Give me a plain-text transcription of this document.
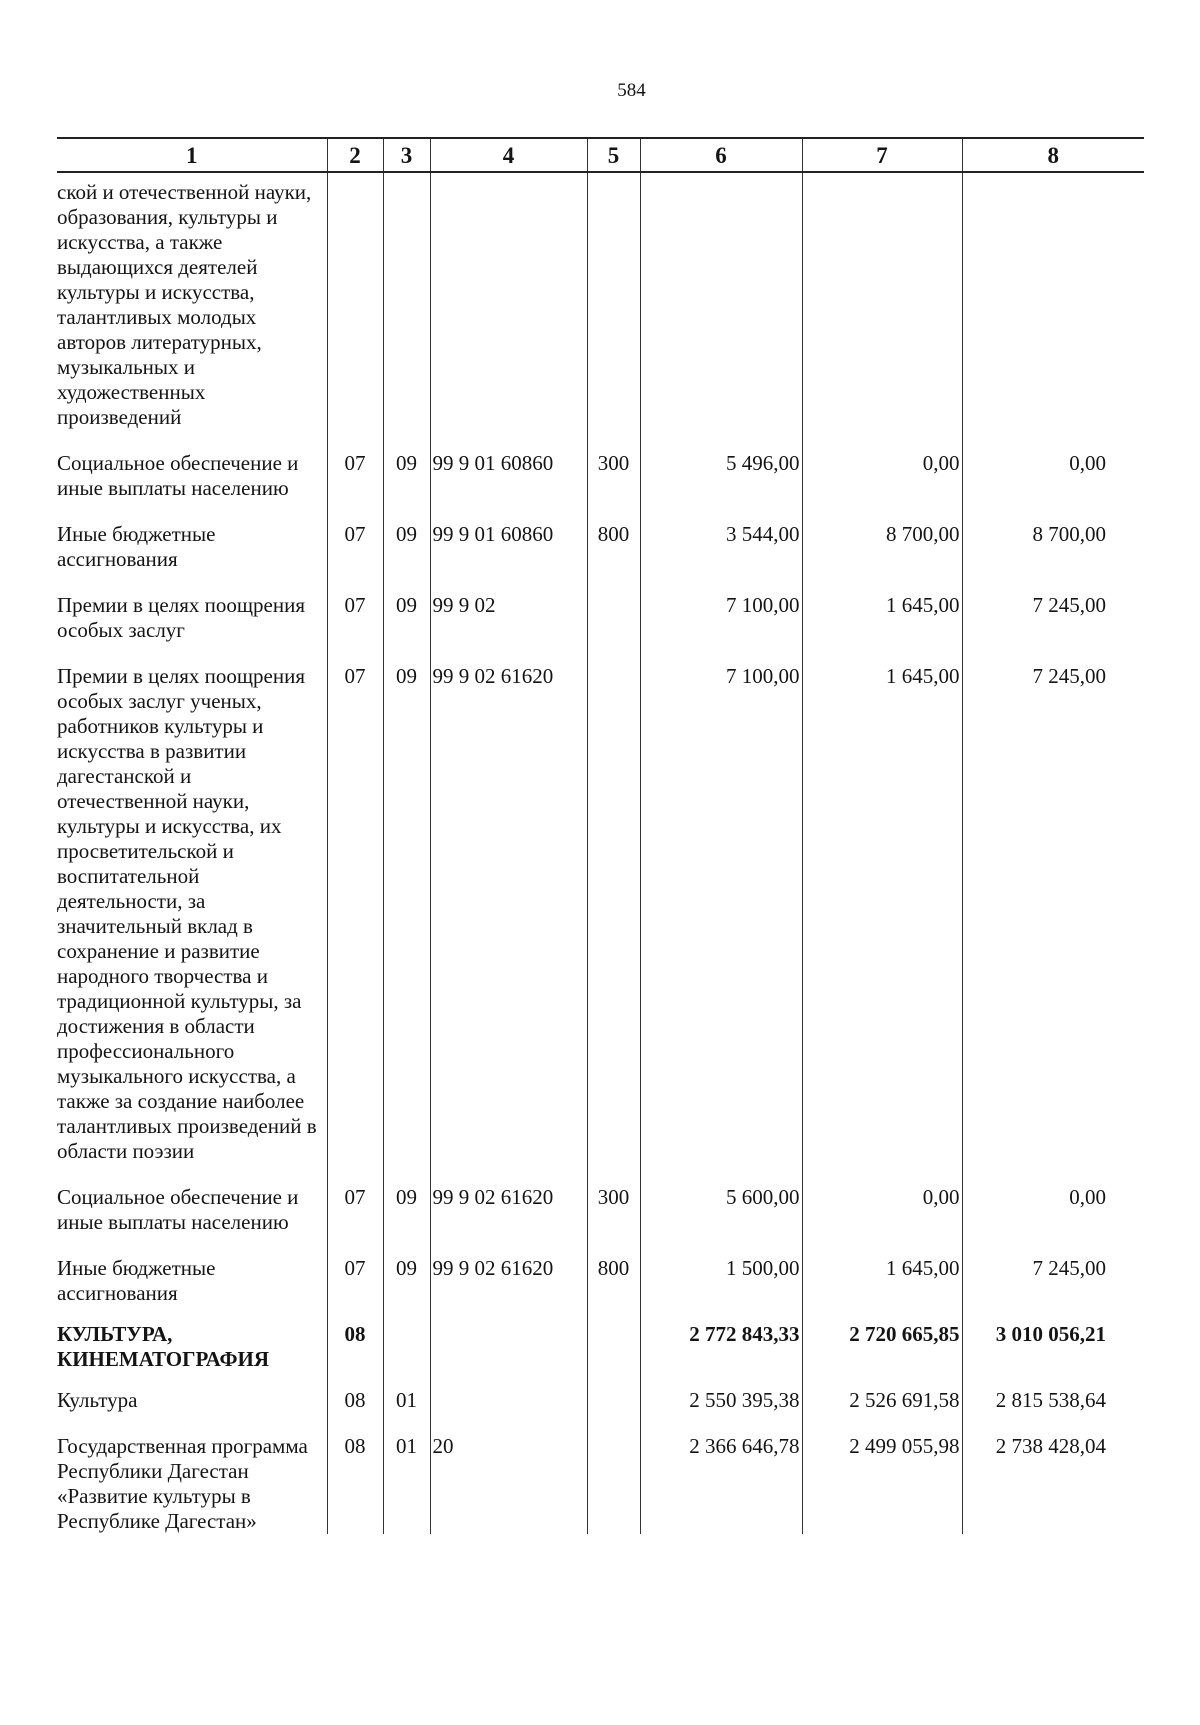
584
1	2	3	4	5	6	7	8
ской и отечественной науки, образования, культуры и искусства, а также выдающихся деятелей культуры и искусства, талантливых молодых авторов литературных, музыкальных и художественных произведений							
Социальное обеспечение и иные выплаты населению	07	09	99 9 01 60860	300	5 496,00	0,00	0,00
Иные бюджетные ассигнования	07	09	99 9 01 60860	800	3 544,00	8 700,00	8 700,00
Премии в целях поощрения особых заслуг	07	09	99 9 02		7 100,00	1 645,00	7 245,00
Премии в целях поощрения особых заслуг ученых, работников культуры и искусства в развитии дагестанской и отечественной науки, культуры и искусства, их просветительской и воспитательной деятельности, за значительный вклад в сохранение и развитие народного творчества и традиционной культуры, за достижения в области профессионального музыкального искусства, а также за создание наиболее талантливых произведений в области поэзии	07	09	99 9 02 61620		7 100,00	1 645,00	7 245,00
Социальное обеспечение и иные выплаты населению	07	09	99 9 02 61620	300	5 600,00	0,00	0,00
Иные бюджетные ассигнования	07	09	99 9 02 61620	800	1 500,00	1 645,00	7 245,00
КУЛЬТУРА, КИНЕМАТОГРАФИЯ	08				2 772 843,33	2 720 665,85	3 010 056,21
Культура	08	01			2 550 395,38	2 526 691,58	2 815 538,64
Государственная программа Республики Дагестан «Развитие культуры в Республике Дагестан»	08	01	20		2 366 646,78	2 499 055,98	2 738 428,04
